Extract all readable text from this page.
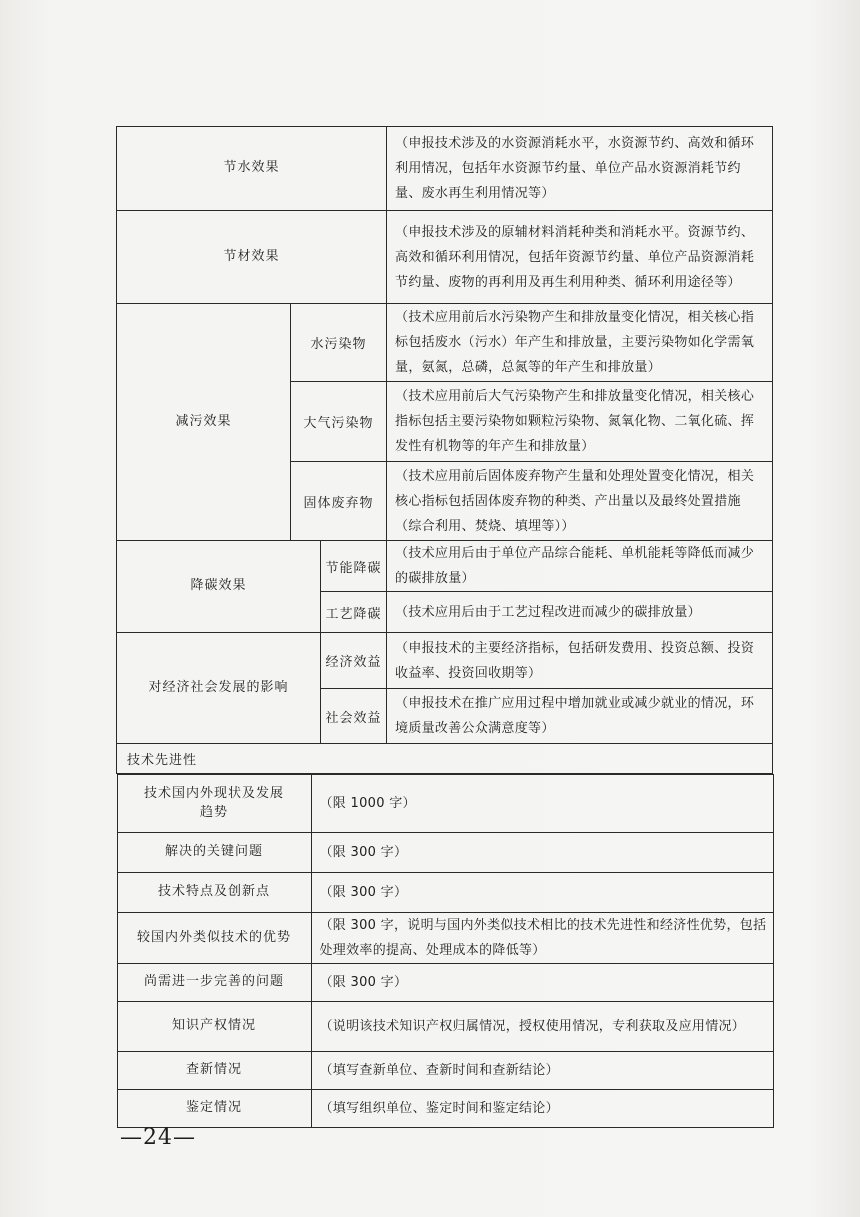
节水效果	（申报技术涉及的水资源消耗水平，水资源节约、高效和循环利用情况，包括年水资源节约量、单位产品水资源消耗节约量、废水再生利用情况等）
节材效果	（申报技术涉及的原辅材料消耗种类和消耗水平。资源节约、高效和循环利用情况，包括年资源节约量、单位产品资源消耗节约量、废物的再利用及再生利用种类、循环利用途径等）
减污效果	水污染物	（技术应用前后水污染物产生和排放量变化情况，相关核心指标包括废水（污水）年产生和排放量，主要污染物如化学需氧量，氨氮，总磷，总氮等的年产生和排放量）
大气污染物	（技术应用前后大气污染物产生和排放量变化情况，相关核心指标包括主要污染物如颗粒污染物、氮氧化物、二氧化硫、挥发性有机物等的年产生和排放量）
固体废弃物	（技术应用前后固体废弃物产生量和处理处置变化情况，相关核心指标包括固体废弃物的种类、产出量以及最终处置措施（综合利用、焚烧、填埋等））
降碳效果	节能降碳	（技术应用后由于单位产品综合能耗、单机能耗等降低而减少的碳排放量）
工艺降碳	（技术应用后由于工艺过程改进而减少的碳排放量）
对经济社会发展的影响	经济效益	（申报技术的主要经济指标，包括研发费用、投资总额、投资收益率、投资回收期等）
社会效益	（申报技术在推广应用过程中增加就业或减少就业的情况，环境质量改善公众满意度等）
技术先进性

技术国内外现状及发展趋势	（限 1000 字）
解决的关键问题	（限 300 字）
技术特点及创新点	（限 300 字）
较国内外类似技术的优势	（限 300 字，说明与国内外类似技术相比的技术先进性和经济性优势，包括处理效率的提高、处理成本的降低等）
尚需进一步完善的问题	（限 300 字）
知识产权情况	（说明该技术知识产权归属情况，授权使用情况，专利获取及应用情况）
查新情况	（填写查新单位、查新时间和查新结论）
鉴定情况	（填写组织单位、鉴定时间和鉴定结论）
—24—
